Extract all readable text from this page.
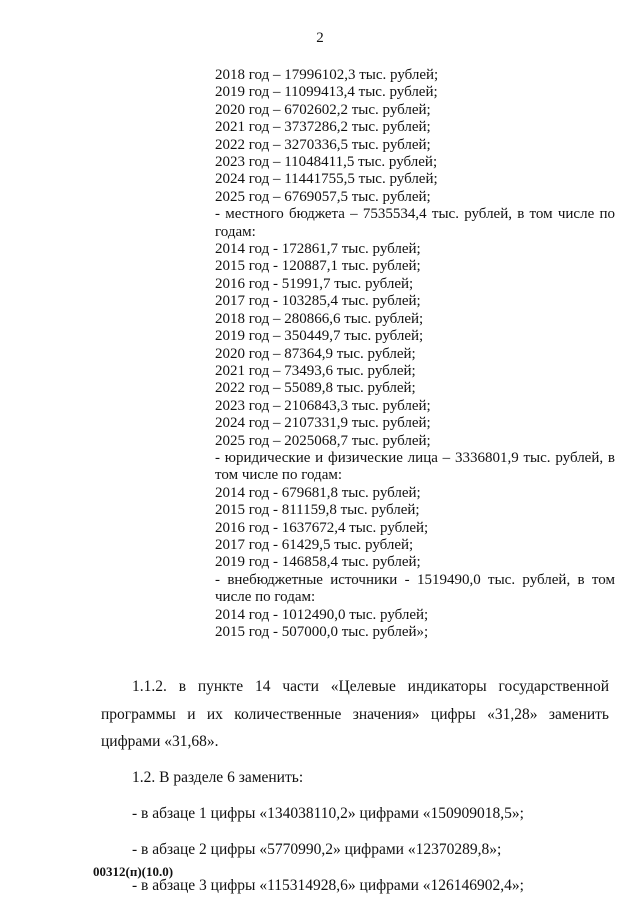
2
2018 год – 17996102,3 тыс. рублей;
2019 год – 11099413,4 тыс. рублей;
2020 год – 6702602,2 тыс. рублей;
2021 год – 3737286,2 тыс. рублей;
2022 год – 3270336,5 тыс. рублей;
2023 год – 11048411,5 тыс. рублей;
2024 год – 11441755,5 тыс. рублей;
2025 год – 6769057,5 тыс. рублей;
- местного бюджета – 7535534,4 тыс. рублей, в том числе по годам:
2014 год - 172861,7 тыс. рублей;
2015 год - 120887,1 тыс. рублей;
2016 год - 51991,7 тыс. рублей;
2017 год - 103285,4 тыс. рублей;
2018 год – 280866,6 тыс. рублей;
2019 год – 350449,7 тыс. рублей;
2020 год – 87364,9 тыс. рублей;
2021 год – 73493,6 тыс. рублей;
2022 год – 55089,8 тыс. рублей;
2023 год – 2106843,3 тыс. рублей;
2024 год – 2107331,9 тыс. рублей;
2025 год – 2025068,7 тыс. рублей;
- юридические и физические лица – 3336801,9 тыс. рублей, в том числе по годам:
2014 год - 679681,8 тыс. рублей;
2015 год - 811159,8 тыс. рублей;
2016 год - 1637672,4 тыс. рублей;
2017 год - 61429,5 тыс. рублей;
2019 год - 146858,4 тыс. рублей;
- внебюджетные источники - 1519490,0 тыс. рублей, в том числе по годам:
2014 год - 1012490,0 тыс. рублей;
2015 год - 507000,0 тыс. рублей»;

1.1.2. в пункте 14 части «Целевые индикаторы государственной программы и их количественные значения» цифры «31,28» заменить цифрами «31,68».

1.2. В разделе 6 заменить:
- в абзаце 1 цифры «134038110,2» цифрами «150909018,5»;
- в абзаце 2 цифры «5770990,2» цифрами «12370289,8»;
- в абзаце 3 цифры «115314928,6» цифрами «126146902,4»;
00312(п)(10.0)
